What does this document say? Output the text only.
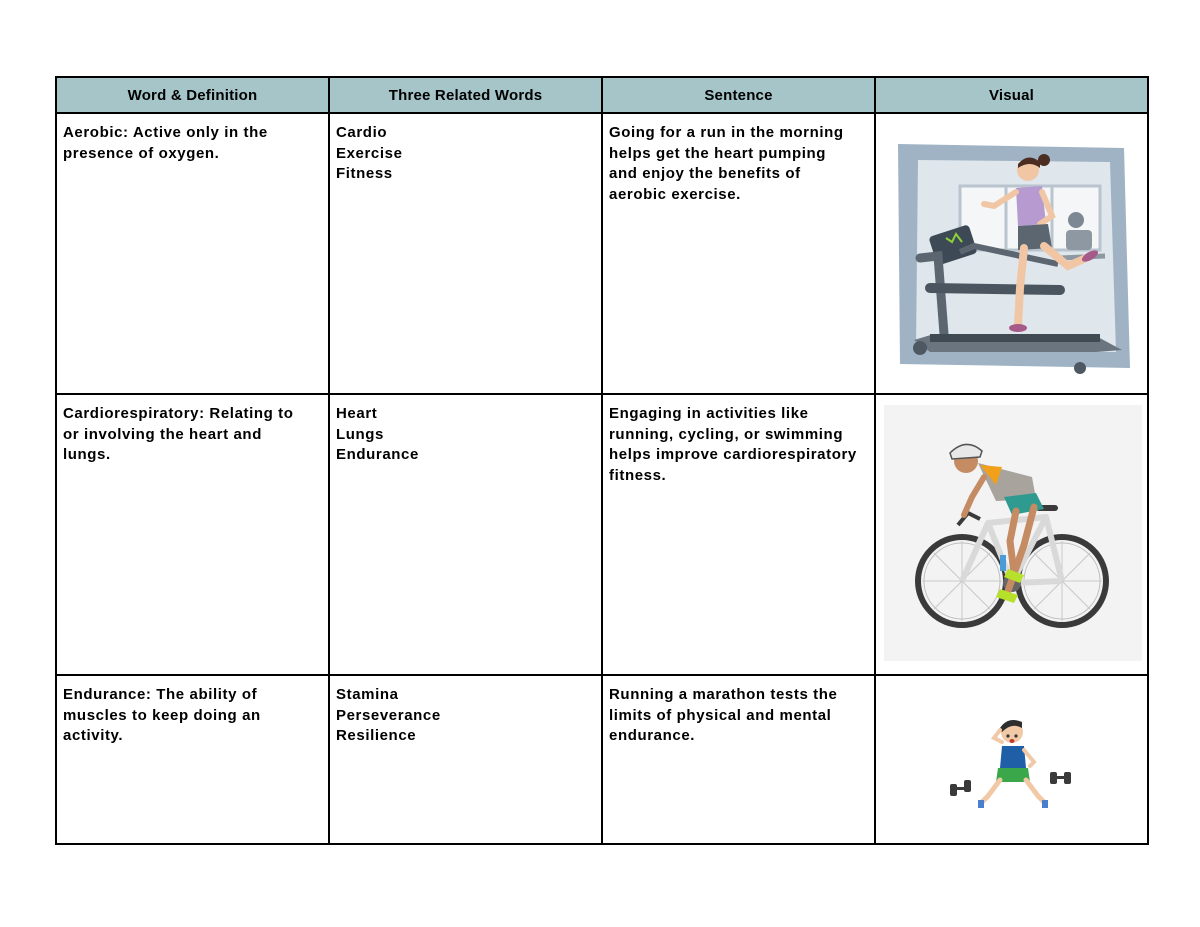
Word & Definition	Three Related Words	Sentence	Visual

Aerobic: Active only in the
presence of oxygen.	Cardio
Exercise
Fitness	Going for a run in the morning
helps get the heart pumping
and enjoy the benefits of
aerobic exercise.

Cardiorespiratory: Relating to
or involving the heart and
lungs.	Heart
Lungs
Endurance	Engaging in activities like
running, cycling, or swimming
helps improve cardiorespiratory
fitness.

Endurance: The ability of
muscles to keep doing an
activity.	Stamina
Perseverance
Resilience	Running a marathon tests the
limits of physical and mental
endurance.
